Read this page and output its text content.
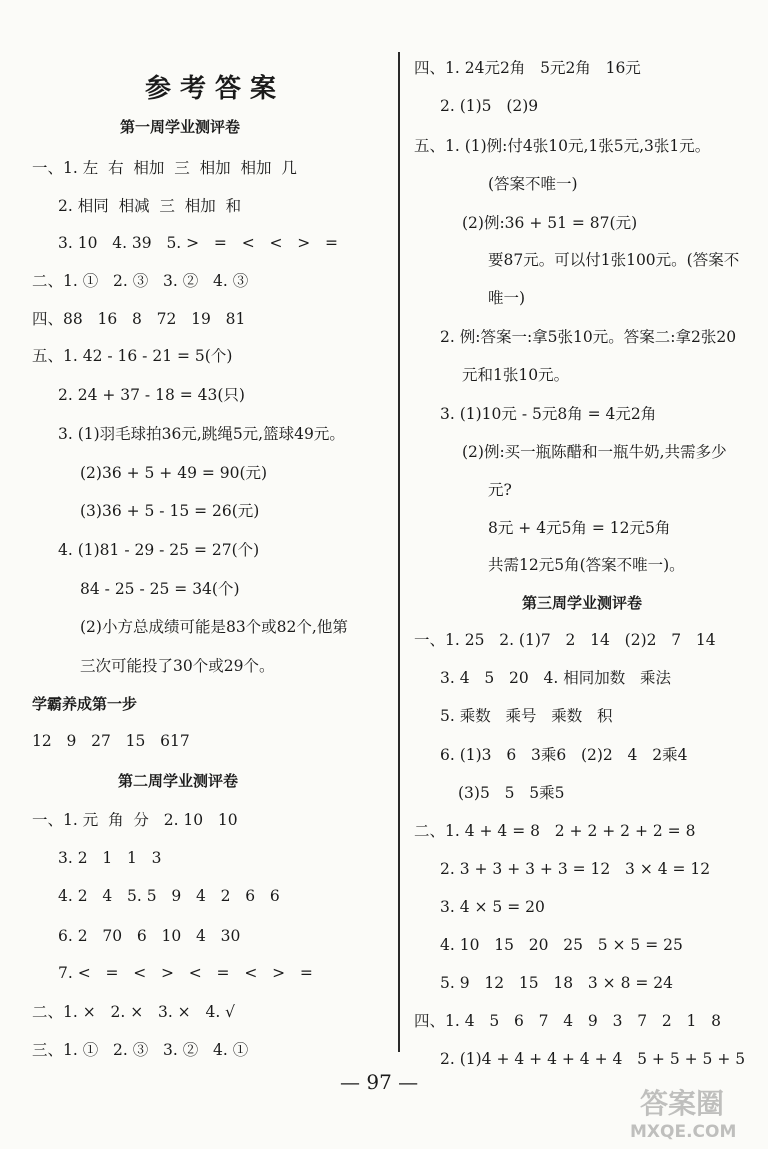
参考答案
第一周学业测评卷
一、1. 左  右  相加  三  相加  相加  几
2. 相同  相减  三  相加  和
3. 10   4. 39   5. >   =   <   <   >   =
二、1. ①   2. ③   3. ②   4. ③
四、88   16   8   72   19   81
五、1. 42 - 16 - 21 = 5(个)
2. 24 + 37 - 18 = 43(只)
3. (1)羽毛球拍36元,跳绳5元,篮球49元。
(2)36 + 5 + 49 = 90(元)
(3)36 + 5 - 15 = 26(元)
4. (1)81 - 29 - 25 = 27(个)
84 - 25 - 25 = 34(个)
(2)小方总成绩可能是83个或82个,他第
三次可能投了30个或29个。
学霸养成第一步
12   9   27   15   617
第二周学业测评卷
一、1. 元  角  分   2. 10   10
3. 2   1   1   3
4. 2   4   5. 5   9   4   2   6   6
6. 2   70   6   10   4   30
7. <   =   <   >   <   =   <   >   =
二、1. ×   2. ×   3. ×   4. √
三、1. ①   2. ③   3. ②   4. ①
四、1. 24元2角   5元2角   16元
2. (1)5   (2)9
五、1. (1)例:付4张10元,1张5元,3张1元。
(答案不唯一)
(2)例:36 + 51 = 87(元)
要87元。可以付1张100元。(答案不
唯一)
2. 例:答案一:拿5张10元。答案二:拿2张20
元和1张10元。
3. (1)10元 - 5元8角 = 4元2角
(2)例:买一瓶陈醋和一瓶牛奶,共需多少
元?
8元 + 4元5角 = 12元5角
共需12元5角(答案不唯一)。
第三周学业测评卷
一、1. 25   2. (1)7   2   14   (2)2   7   14
3. 4   5   20   4. 相同加数   乘法
5. 乘数   乘号   乘数   积
6. (1)3   6   3乘6   (2)2   4   2乘4
(3)5   5   5乘5
二、1. 4 + 4 = 8   2 + 2 + 2 + 2 = 8
2. 3 + 3 + 3 + 3 = 12   3 × 4 = 12
3. 4 × 5 = 20
4. 10   15   20   25   5 × 5 = 25
5. 9   12   15   18   3 × 8 = 24
四、1. 4   5   6   7   4   9   3   7   2   1   8
2. (1)4 + 4 + 4 + 4 + 4   5 + 5 + 5 + 5
— 97 —
答案圈
MXQE.COM
